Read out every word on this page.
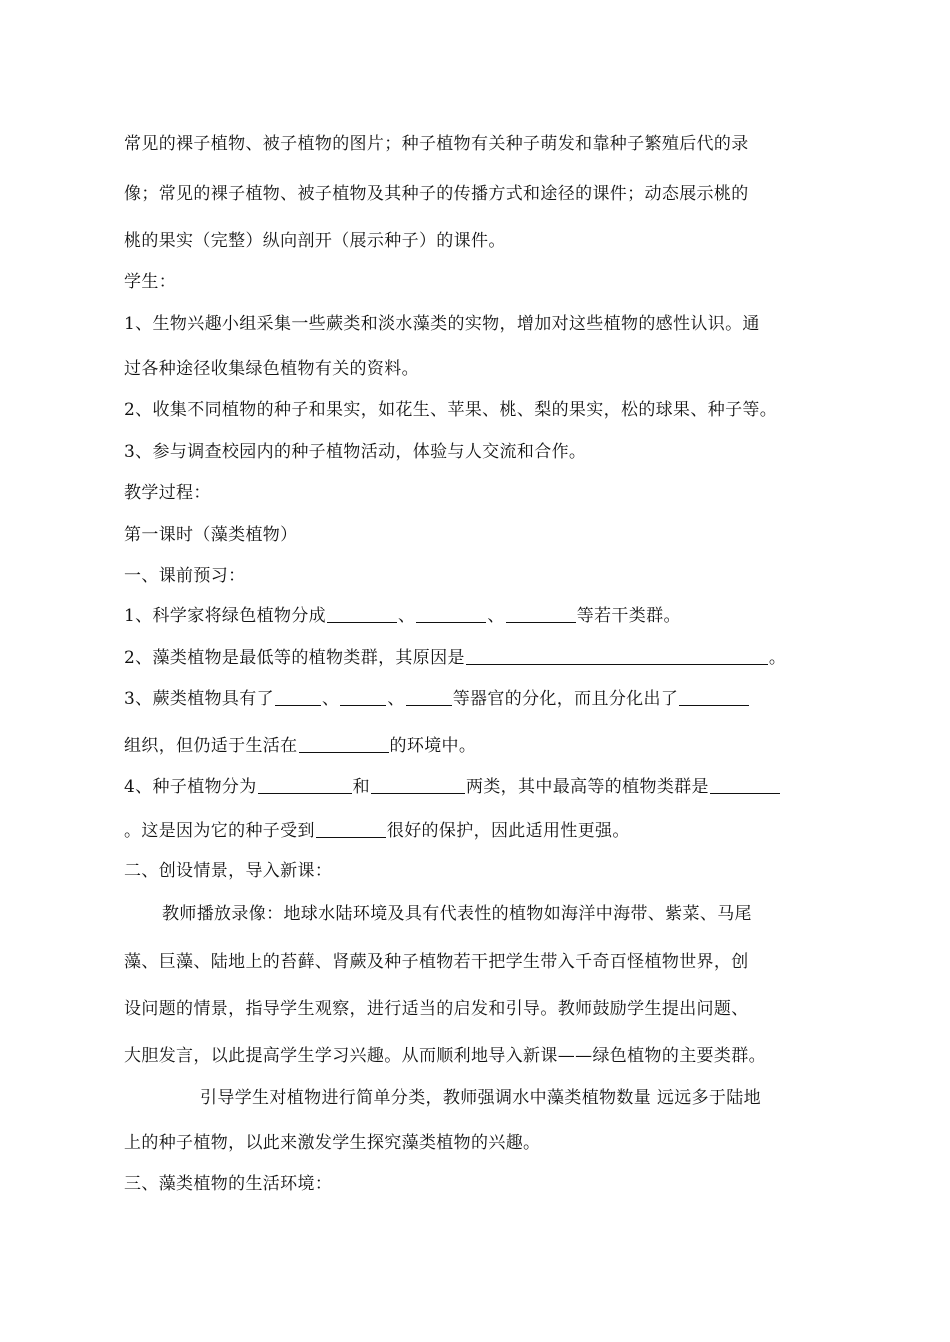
常见的裸子植物、被子植物的图片；种子植物有关种子萌发和靠种子繁殖后代的录
像；常见的裸子植物、被子植物及其种子的传播方式和途径的课件；动态展示桃的
桃的果实（完整）纵向剖开（展示种子）的课件。
学生：
1、生物兴趣小组采集一些蕨类和淡水藻类的实物，增加对这些植物的感性认识。通
过各种途径收集绿色植物有关的资料。
2、收集不同植物的种子和果实，如花生、苹果、桃、梨的果实，松的球果、种子等。
3、参与调查校园内的种子植物活动，体验与人交流和合作。
教学过程：
第一课时（藻类植物）
一、课前预习：
1、科学家将绿色植物分成	、	、	等若干类群。
2、藻类植物是最低等的植物类群，其原因是	。
3、蕨类植物具有了	、	、	等器官的分化，而且分化出了
组织，但仍适于生活在	的环境中。
4、种子植物分为	和	两类，其中最高等的植物类群是
。这是因为它的种子受到	很好的保护，因此适用性更强。
二、创设情景，导入新课：
教师播放录像：地球水陆环境及具有代表性的植物如海洋中海带、紫菜、马尾
藻、巨藻、陆地上的苔藓、肾蕨及种子植物若干把学生带入千奇百怪植物世界，创
设问题的情景，指导学生观察，进行适当的启发和引导。教师鼓励学生提出问题、
大胆发言，以此提高学生学习兴趣。从而顺利地导入新课——绿色植物的主要类群。
引导学生对植物进行简单分类，教师强调水中藻类植物数量 远远多于陆地
上的种子植物，以此来激发学生探究藻类植物的兴趣。
三、藻类植物的生活环境：
